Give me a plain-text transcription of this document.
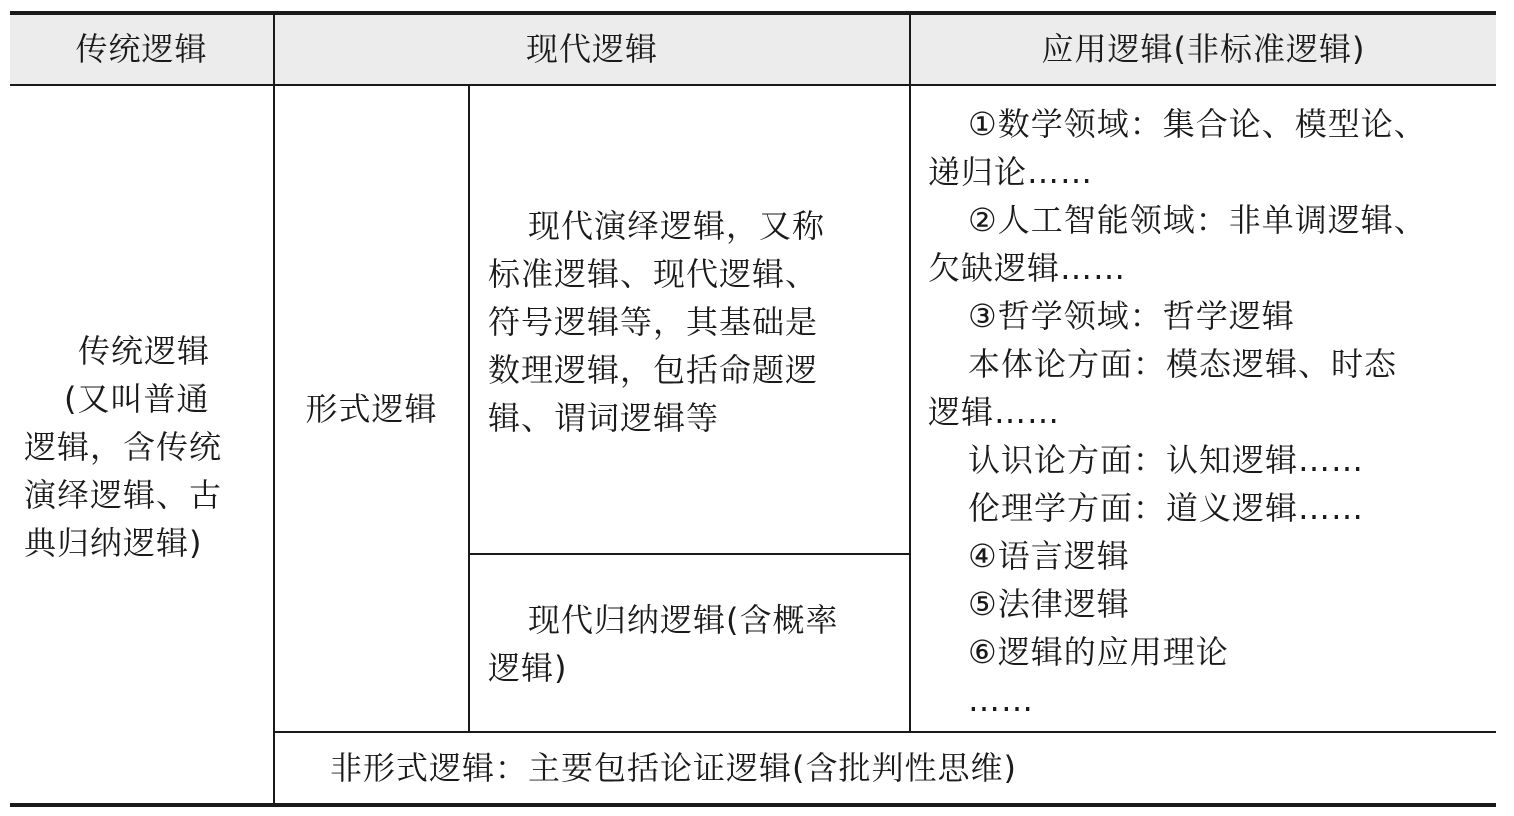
传统逻辑	现代逻辑	应用逻辑(非标准逻辑)
传统逻辑
(又叫普通
逻辑，含传统
演绎逻辑、古
典归纳逻辑)
形式逻辑
现代演绎逻辑，又称
标准逻辑、现代逻辑、
符号逻辑等，其基础是
数理逻辑，包括命题逻
辑、谓词逻辑等
现代归纳逻辑(含概率
逻辑)
①数学领域：集合论、模型论、
递归论……
②人工智能领域：非单调逻辑、
欠缺逻辑……
③哲学领域：哲学逻辑
本体论方面：模态逻辑、时态
逻辑……
认识论方面：认知逻辑……
伦理学方面：道义逻辑……
④语言逻辑
⑤法律逻辑
⑥逻辑的应用理论
……
非形式逻辑：主要包括论证逻辑(含批判性思维)
